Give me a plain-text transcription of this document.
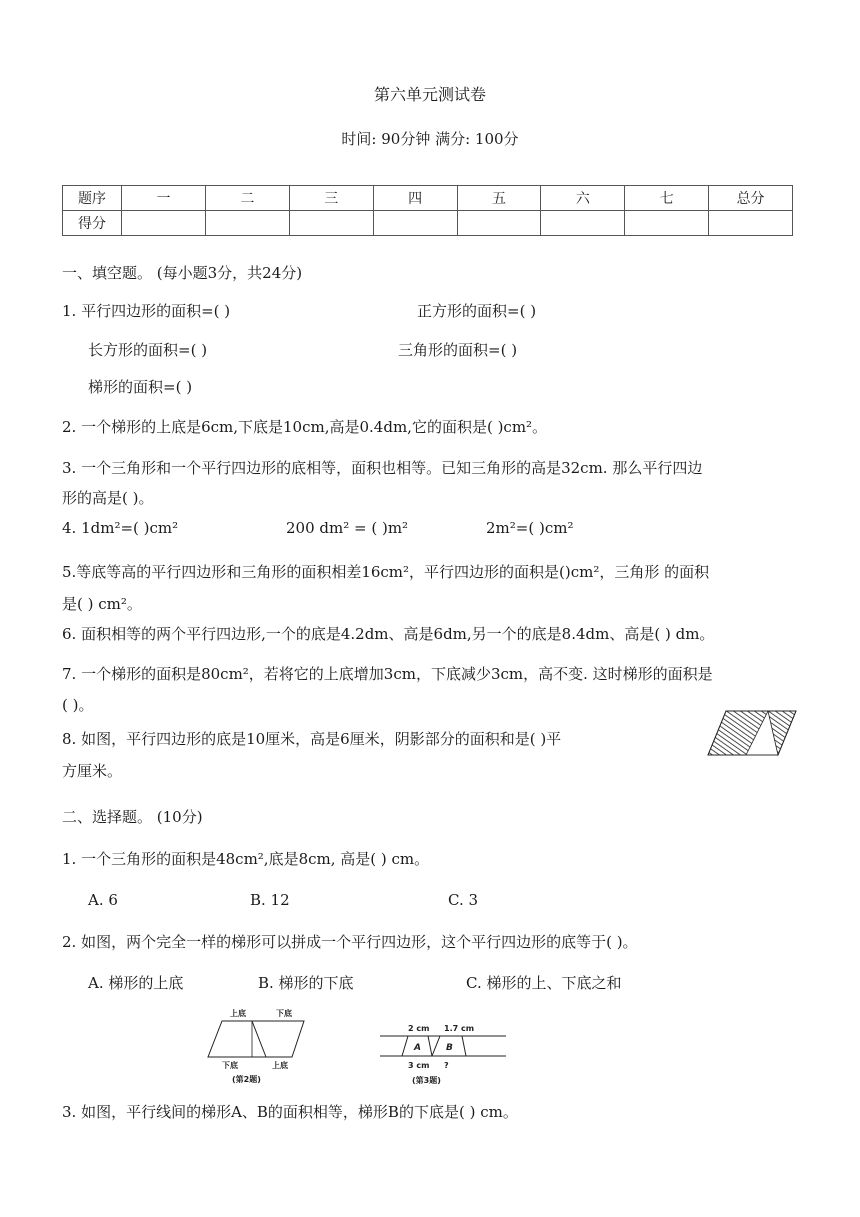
第六单元测试卷
时间: 90分钟 满分: 100分
题序	一	二	三	四	五	六	七	总分
得分								
一、填空题。 (每小题3分，共24分)
1. 平行四边形的面积=( )	正方形的面积=( )
长方形的面积=( )	三角形的面积=( )
梯形的面积=( )
2. 一个梯形的上底是6cm,下底是10cm,高是0.4dm,它的面积是( )cm²。
3. 一个三角形和一个平行四边形的底相等，面积也相等。已知三角形的高是32cm. 那么平行四边
形的高是( )。
4. 1dm²=( )cm²	200 dm² = ( )m²	2m²=( )cm²
5.等底等高的平行四边形和三角形的面积相差16cm²，平行四边形的面积是()cm²，三角形 的面积
是( ) cm²。
6. 面积相等的两个平行四边形,一个的底是4.2dm、高是6dm,另一个的底是8.4dm、高是( ) dm。
7. 一个梯形的面积是80cm²，若将它的上底增加3cm，下底减少3cm，高不变. 这时梯形的面积是
( )。
8. 如图，平行四边形的底是10厘米，高是6厘米，阴影部分的面积和是( )平
方厘米。
二、选择题。 (10分)
1. 一个三角形的面积是48cm²,底是8cm, 高是( ) cm。
A. 6	B. 12	C. 3
2. 如图，两个完全一样的梯形可以拼成一个平行四边形，这个平行四边形的底等于( )。
A. 梯形的上底	B. 梯形的下底	C. 梯形的上、下底之和
上底	下底
下底	上底
(第2题)
2 cm 1.7 cm
A	B
3 cm ?
(第3题)
3. 如图，平行线间的梯形A、B的面积相等，梯形B的下底是( ) cm。
